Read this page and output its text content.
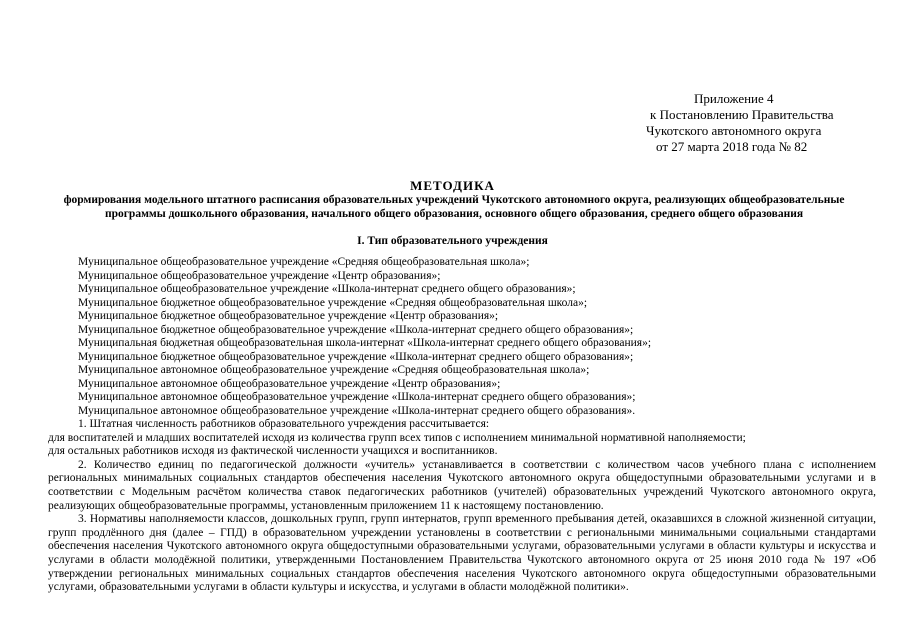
Приложение 4
к Постановлению Правительства
Чукотского автономного округа
от 27 марта 2018 года № 82
МЕТОДИКА
формирования модельного штатного расписания образовательных учреждений Чукотского автономного округа, реализующих общеобразовательные программы дошкольного образования, начального общего образования, основного общего образования, среднего общего образования
I. Тип образовательного учреждения
Муниципальное общеобразовательное учреждение «Средняя общеобразовательная школа»;
Муниципальное общеобразовательное учреждение «Центр образования»;
Муниципальное общеобразовательное учреждение «Школа-интернат среднего общего образования»;
Муниципальное бюджетное общеобразовательное учреждение «Средняя общеобразовательная школа»;
Муниципальное бюджетное общеобразовательное учреждение «Центр образования»;
Муниципальное бюджетное общеобразовательное учреждение «Школа-интернат среднего общего образования»;
Муниципальная бюджетная общеобразовательная школа-интернат «Школа-интернат среднего общего образования»;
Муниципальное бюджетное общеобразовательное учреждение «Школа-интернат среднего общего образования»;
Муниципальное автономное общеобразовательное учреждение «Средняя общеобразовательная школа»;
Муниципальное автономное общеобразовательное учреждение «Центр образования»;
Муниципальное автономное общеобразовательное учреждение «Школа-интернат среднего общего образования»;
Муниципальное автономное общеобразовательное учреждение «Школа-интернат среднего общего образования».

1. Штатная численность работников образовательного учреждения рассчитывается:

для воспитателей и младших воспитателей исходя из количества групп всех типов с исполнением минимальной нормативной наполняемости;

для остальных работников исходя из фактической численности учащихся и воспитанников.

2. Количество единиц по педагогической должности «учитель» устанавливается в соответствии с количеством часов учебного плана с исполнением региональных минимальных социальных стандартов обеспечения населения Чукотского автономного округа общедоступными образовательными услугами и в соответствии с Модельным расчётом количества ставок педагогических работников (учителей) образовательных учреждений Чукотского автономного округа, реализующих общеобразовательные программы, установленным приложением 11 к настоящему постановлению.

3. Нормативы наполняемости классов, дошкольных групп, групп интернатов, групп временного пребывания детей, оказавшихся в сложной жизненной ситуации, групп продлённого дня (далее – ГПД) в образовательном учреждении установлены в соответствии с региональными минимальными социальными стандартами обеспечения населения Чукотского автономного округа общедоступными образовательными услугами, образовательными услугами в области культуры и искусства и услугами в области молодёжной политики, утвержденными Постановлением Правительства Чукотского автономного округа от 25 июня 2010 года № 197 «Об утверждении региональных минимальных социальных стандартов обеспечения населения Чукотского автономного округа общедоступными образовательными услугами, образовательными услугами в области культуры и искусства, и услугами в области молодёжной политики».
